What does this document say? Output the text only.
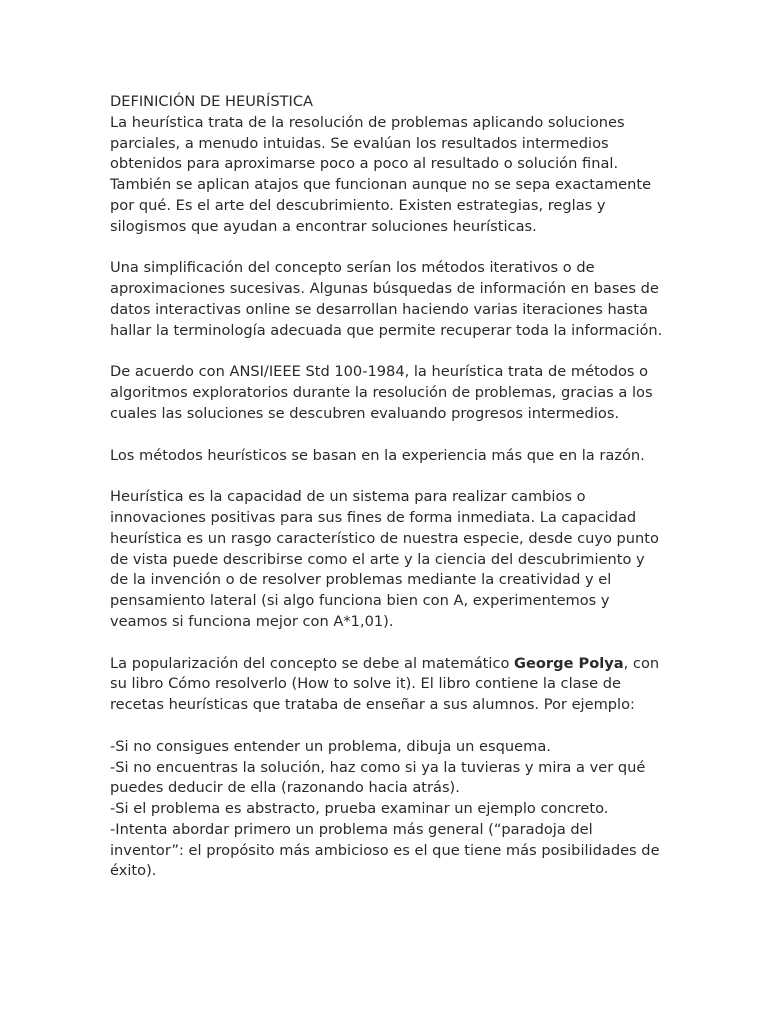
DEFINICIÓN DE HEURÍSTICA

La heurística trata de la resolución de problemas aplicando soluciones parciales, a menudo intuidas. Se evalúan los resultados intermedios obtenidos para aproximarse poco a poco al resultado o solución final. También se aplican atajos que funcionan aunque no se sepa exactamente por qué. Es el arte del descubrimiento. Existen estrategias, reglas y silogismos que ayudan a encontrar soluciones heurísticas.

Una simplificación del concepto serían los métodos iterativos o de aproximaciones sucesivas. Algunas búsquedas de información en bases de datos interactivas online se desarrollan haciendo varias iteraciones hasta hallar la terminología adecuada que permite recuperar toda la información.

De acuerdo con ANSI/IEEE Std 100-1984, la heurística trata de métodos o algoritmos exploratorios durante la resolución de problemas, gracias a los cuales las soluciones se descubren evaluando progresos intermedios.

Los métodos heurísticos se basan en la experiencia más que en la razón.

Heurística es la capacidad de un sistema para realizar cambios o innovaciones positivas para sus fines de forma inmediata. La capacidad heurística es un rasgo característico de nuestra especie, desde cuyo punto de vista puede describirse como el arte y la ciencia del descubrimiento y de la invención o de resolver problemas mediante la creatividad y el pensamiento lateral (si algo funciona bien con A, experimentemos y veamos si funciona mejor con A*1,01).

La popularización del concepto se debe al matemático George Polya, con su libro Cómo resolverlo (How to solve it). El libro contiene la clase de recetas heurísticas que trataba de enseñar a sus alumnos. Por ejemplo:

-Si no consigues entender un problema, dibuja un esquema.
-Si no encuentras la solución, haz como si ya la tuvieras y mira a ver qué puedes deducir de ella (razonando hacia atrás).
-Si el problema es abstracto, prueba examinar un ejemplo concreto.
-Intenta abordar primero un problema más general (“paradoja del inventor”: el propósito más ambicioso es el que tiene más posibilidades de éxito).
